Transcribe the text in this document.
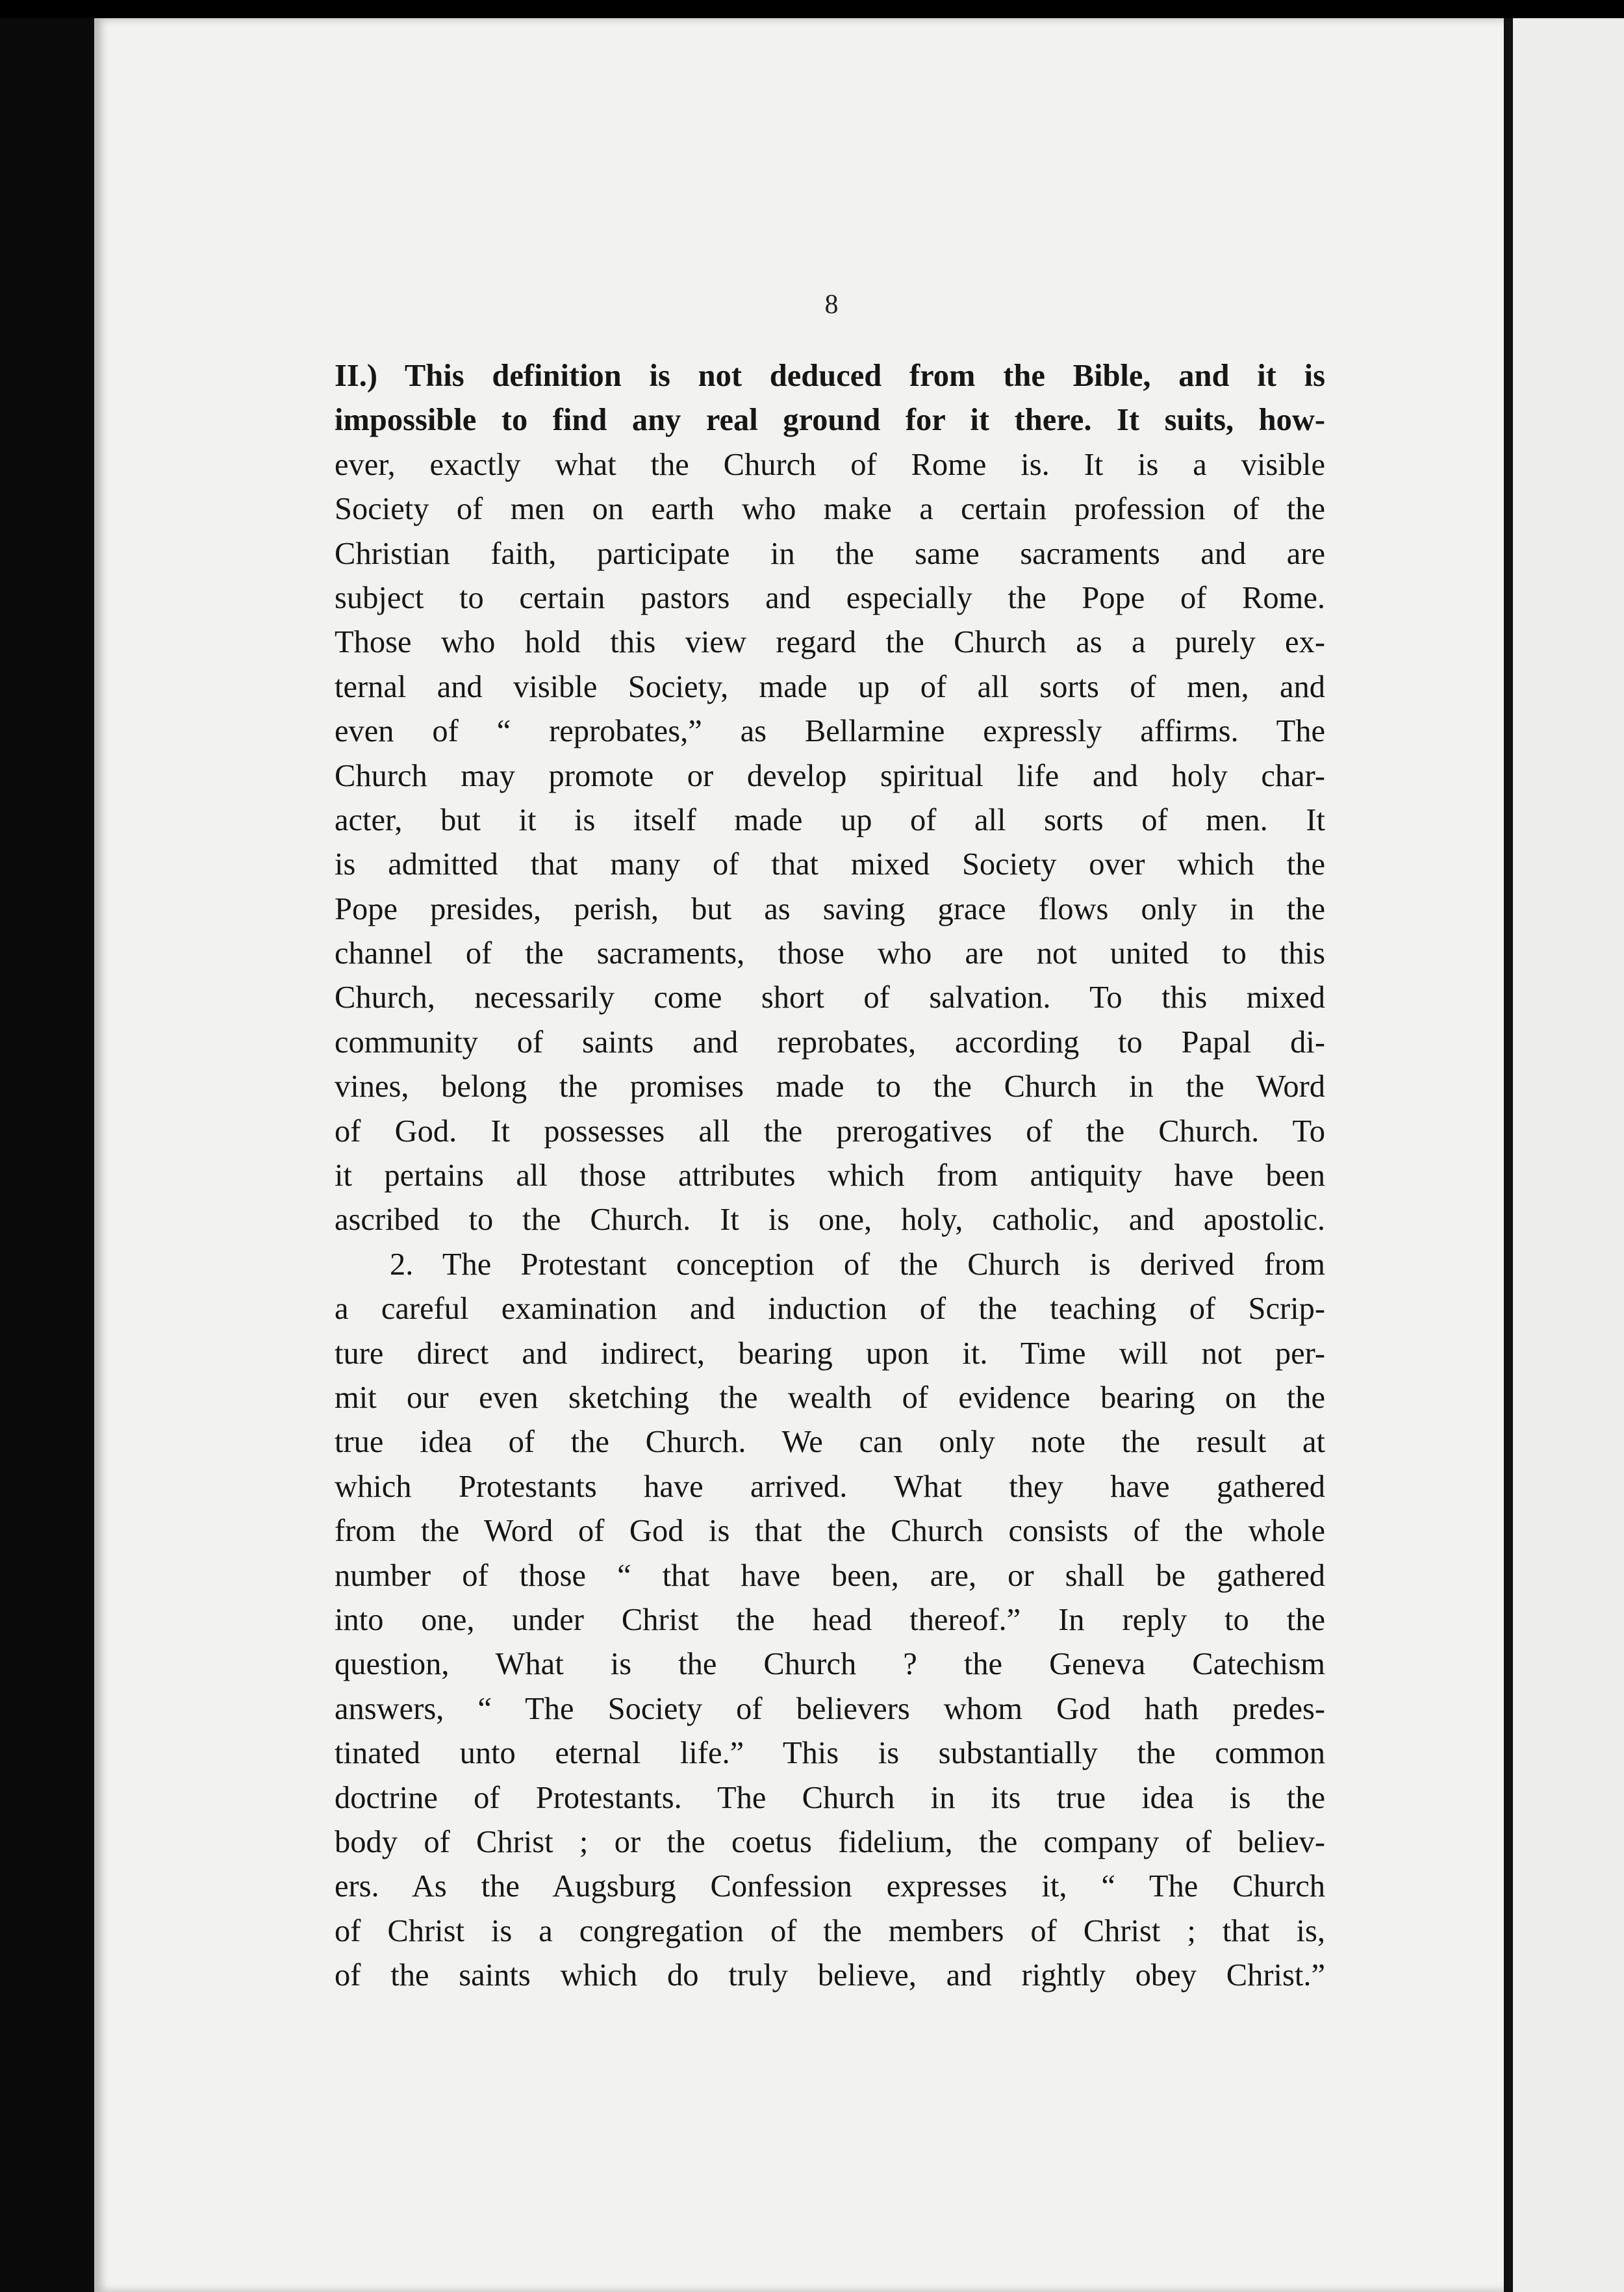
8
II.) This definition is not deduced from the Bible, and it is
impossible to find any real ground for it there. It suits, how-
ever, exactly what the Church of Rome is. It is a visible
Society of men on earth who make a certain profession of the
Christian faith, participate in the same sacraments and are
subject to certain pastors and especially the Pope of Rome.
Those who hold this view regard the Church as a purely ex-
ternal and visible Society, made up of all sorts of men, and
even of “ reprobates,” as Bellarmine expressly affirms. The
Church may promote or develop spiritual life and holy char-
acter, but it is itself made up of all sorts of men. It
is admitted that many of that mixed Society over which the
Pope presides, perish, but as saving grace flows only in the
channel of the sacraments, those who are not united to this
Church, necessarily come short of salvation. To this mixed
community of saints and reprobates, according to Papal di-
vines, belong the promises made to the Church in the Word
of God. It possesses all the prerogatives of the Church. To
it pertains all those attributes which from antiquity have been
ascribed to the Church. It is one, holy, catholic, and apostolic.
2. The Protestant conception of the Church is derived from
a careful examination and induction of the teaching of Scrip-
ture direct and indirect, bearing upon it. Time will not per-
mit our even sketching the wealth of evidence bearing on the
true idea of the Church. We can only note the result at
which Protestants have arrived. What they have gathered
from the Word of God is that the Church consists of the whole
number of those “ that have been, are, or shall be gathered
into one, under Christ the head thereof.” In reply to the
question, What is the Church ? the Geneva Catechism
answers, “ The Society of believers whom God hath predes-
tinated unto eternal life.” This is substantially the common
doctrine of Protestants. The Church in its true idea is the
body of Christ ; or the coetus fidelium, the company of believ-
ers. As the Augsburg Confession expresses it, “ The Church
of Christ is a congregation of the members of Christ ; that is,
of the saints which do truly believe, and rightly obey Christ.”
